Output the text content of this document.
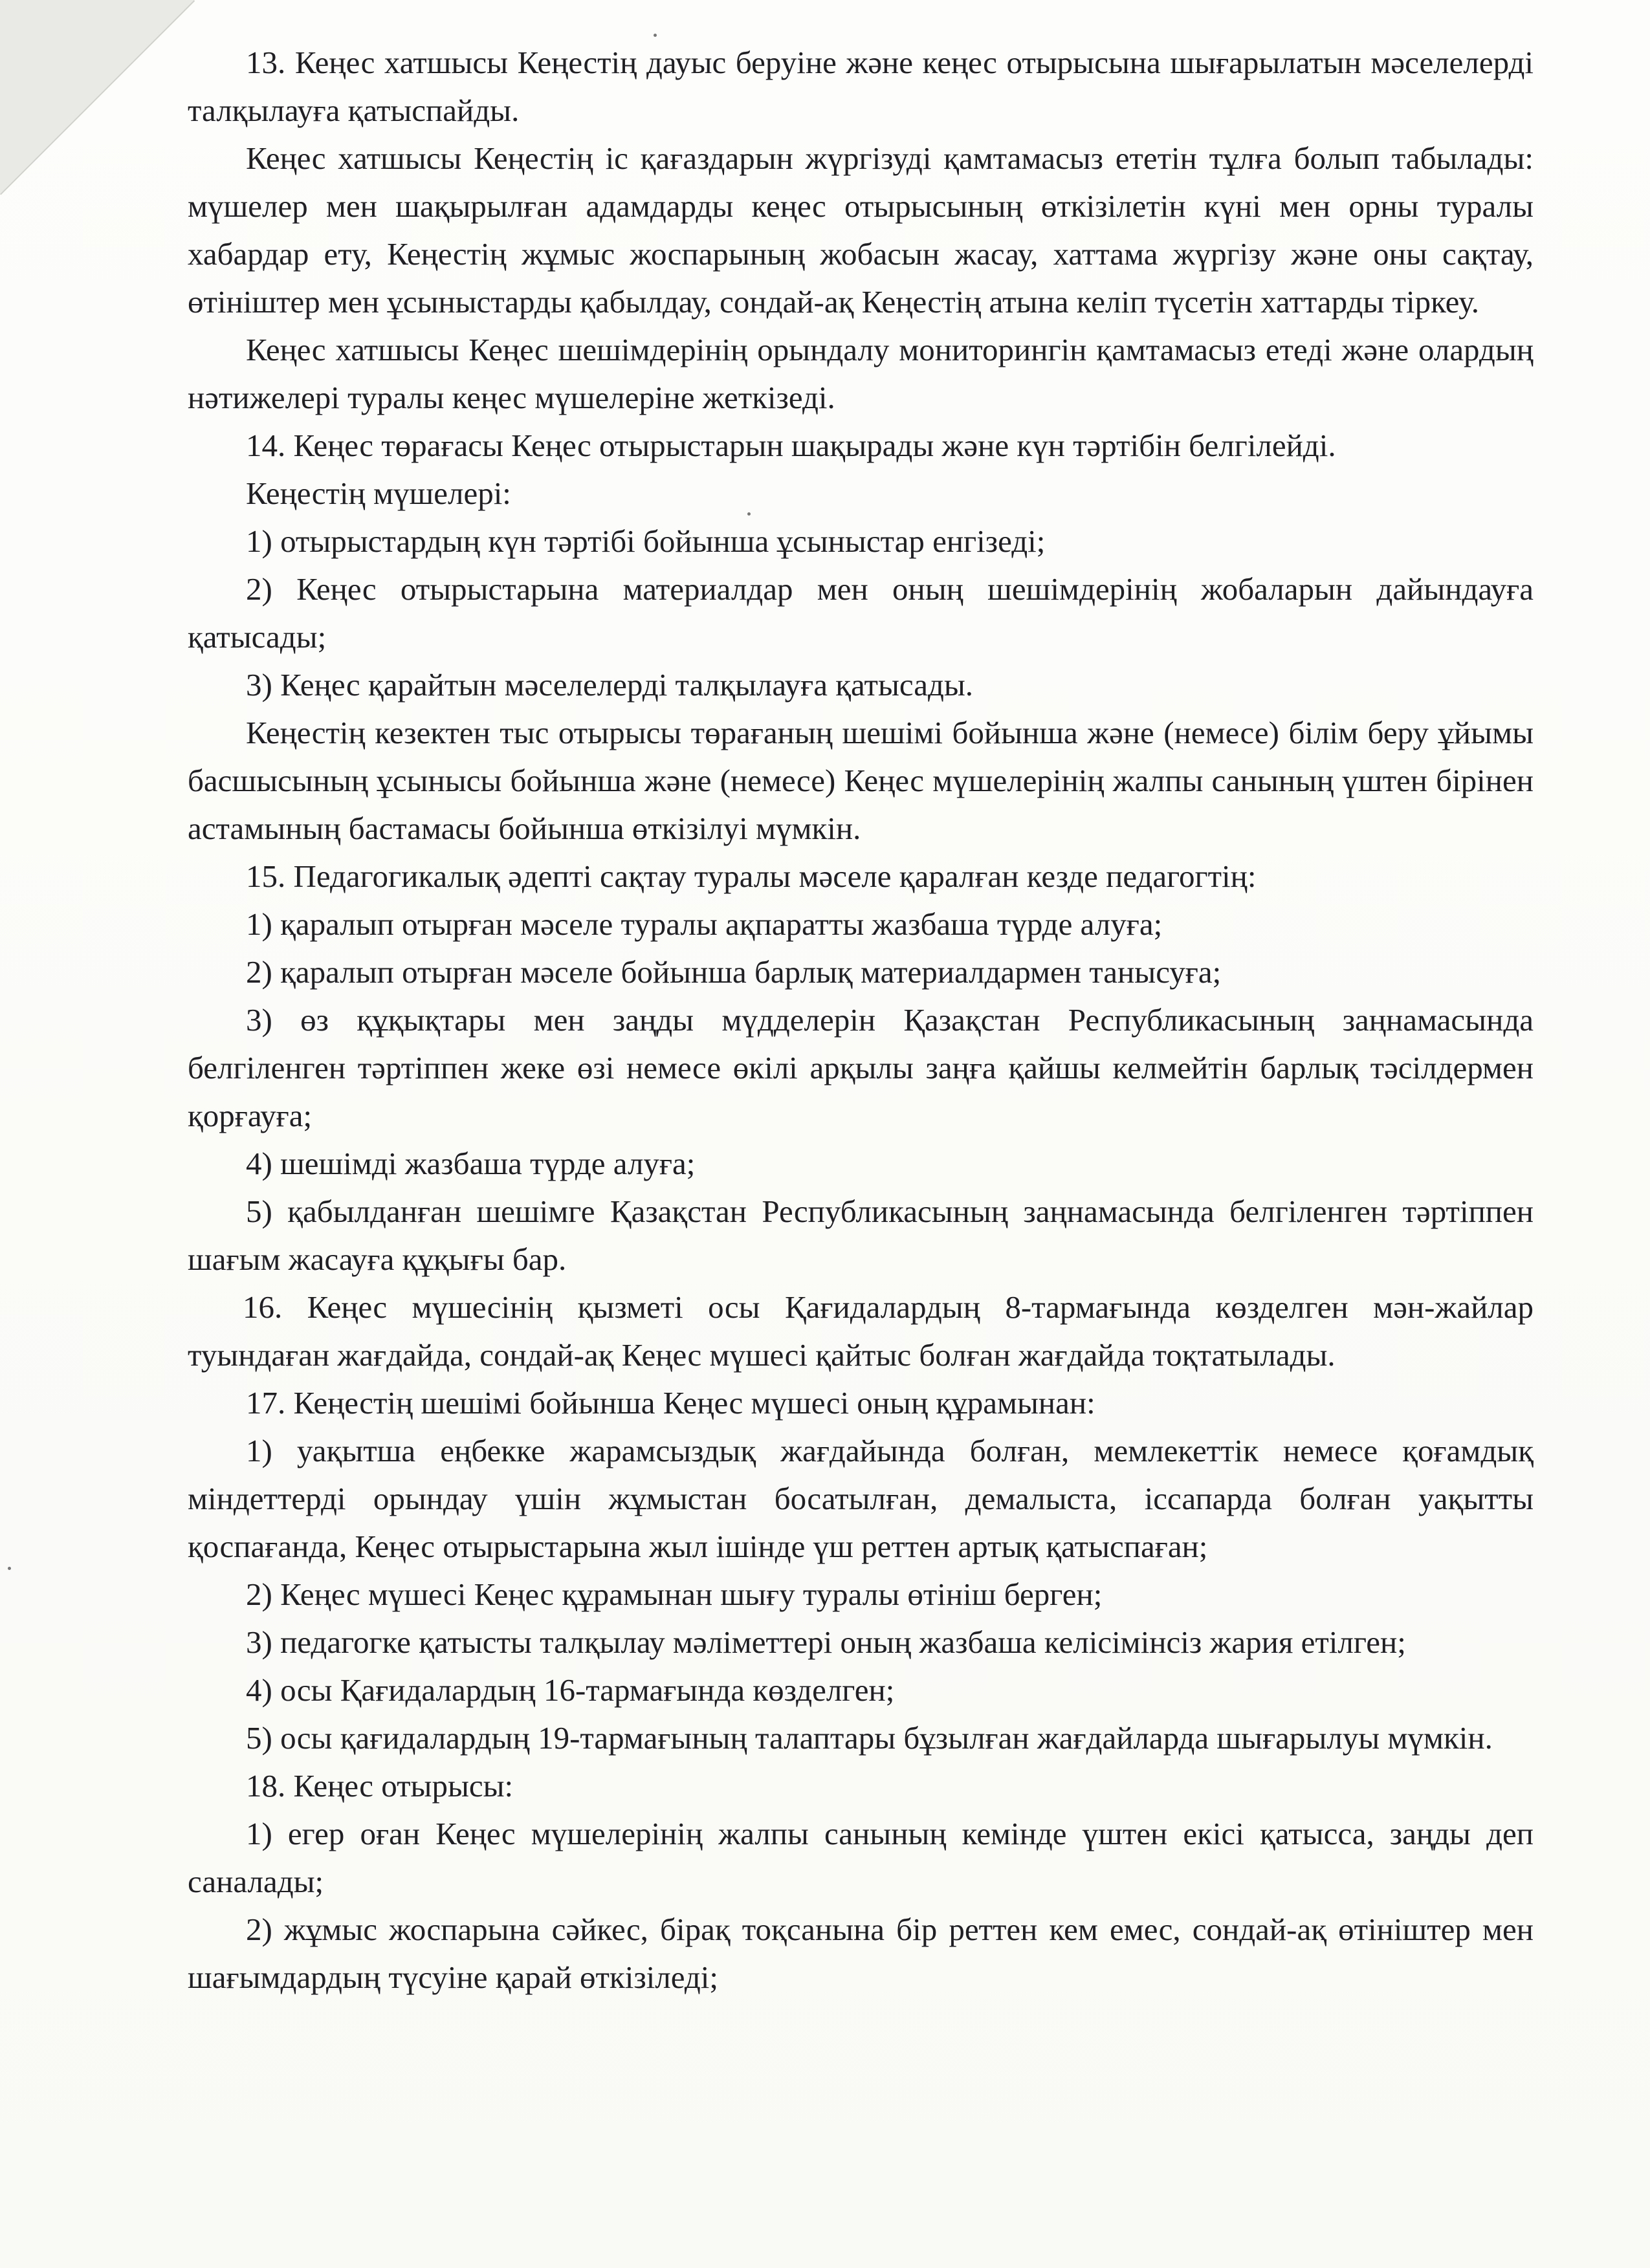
13. Кеңес хатшысы Кеңестің дауыс беруіне және кеңес отырысына шығарылатын мәселелерді талқылауға қатыспайды.

Кеңес хатшысы Кеңестің іс қағаздарын жүргізуді қамтамасыз ететін тұлға болып табылады: мүшелер мен шақырылған адамдарды кеңес отырысының өткізілетін күні мен орны туралы хабардар ету, Кеңестің жұмыс жоспарының жобасын жасау, хаттама жүргізу және оны сақтау, өтініштер мен ұсыныстарды қабылдау, сондай-ақ Кеңестің атына келіп түсетін хаттарды тіркеу.

Кеңес хатшысы Кеңес шешімдерінің орындалу мониторингін қамтамасыз етеді және олардың нәтижелері туралы кеңес мүшелеріне жеткізеді.

14. Кеңес төрағасы Кеңес отырыстарын шақырады және күн тәртібін белгілейді.

Кеңестің мүшелері:

1) отырыстардың күн тәртібі бойынша ұсыныстар енгізеді;

2) Кеңес отырыстарына материалдар мен оның шешімдерінің жобаларын дайындауға қатысады;

3) Кеңес қарайтын мәселелерді талқылауға қатысады.

Кеңестің кезектен тыс отырысы төрағаның шешімі бойынша және (немесе) білім беру ұйымы басшысының ұсынысы бойынша және (немесе) Кеңес мүшелерінің жалпы санының үштен бірінен астамының бастамасы бойынша өткізілуі мүмкін.

15. Педагогикалық әдепті сақтау туралы мәселе қаралған кезде педагогтің:

1) қаралып отырған мәселе туралы ақпаратты жазбаша түрде алуға;

2) қаралып отырған мәселе бойынша барлық материалдармен танысуға;

3) өз құқықтары мен заңды мүдделерін Қазақстан Республикасының заңнамасында белгіленген тәртіппен жеке өзі немесе өкілі арқылы заңға қайшы келмейтін барлық тәсілдермен қорғауға;

4) шешімді жазбаша түрде алуға;

5) қабылданған шешімге Қазақстан Республикасының заңнамасында белгіленген тәртіппен шағым жасауға құқығы бар.

16. Кеңес мүшесінің қызметі осы Қағидалардың 8-тармағында көзделген мән-жайлар туындаған жағдайда, сондай-ақ Кеңес мүшесі қайтыс болған жағдайда тоқтатылады.

17. Кеңестің шешімі бойынша Кеңес мүшесі оның құрамынан:

1) уақытша еңбекке жарамсыздық жағдайында болған, мемлекеттік немесе қоғамдық міндеттерді орындау үшін жұмыстан босатылған, демалыста, іссапарда болған уақытты қоспағанда, Кеңес отырыстарына жыл ішінде үш реттен артық қатыспаған;

2) Кеңес мүшесі Кеңес құрамынан шығу туралы өтініш берген;

3) педагогке қатысты талқылау мәліметтері оның жазбаша келісімінсіз жария етілген;

4) осы Қағидалардың 16-тармағында көзделген;

5) осы қағидалардың 19-тармағының талаптары бұзылған жағдайларда шығарылуы мүмкін.

18. Кеңес отырысы:

1) егер оған Кеңес мүшелерінің жалпы санының кемінде үштен екісі қатысса, заңды деп саналады;

2) жұмыс жоспарына сәйкес, бірақ тоқсанына бір реттен кем емес, сондай-ақ өтініштер мен шағымдардың түсуіне қарай өткізіледі;
